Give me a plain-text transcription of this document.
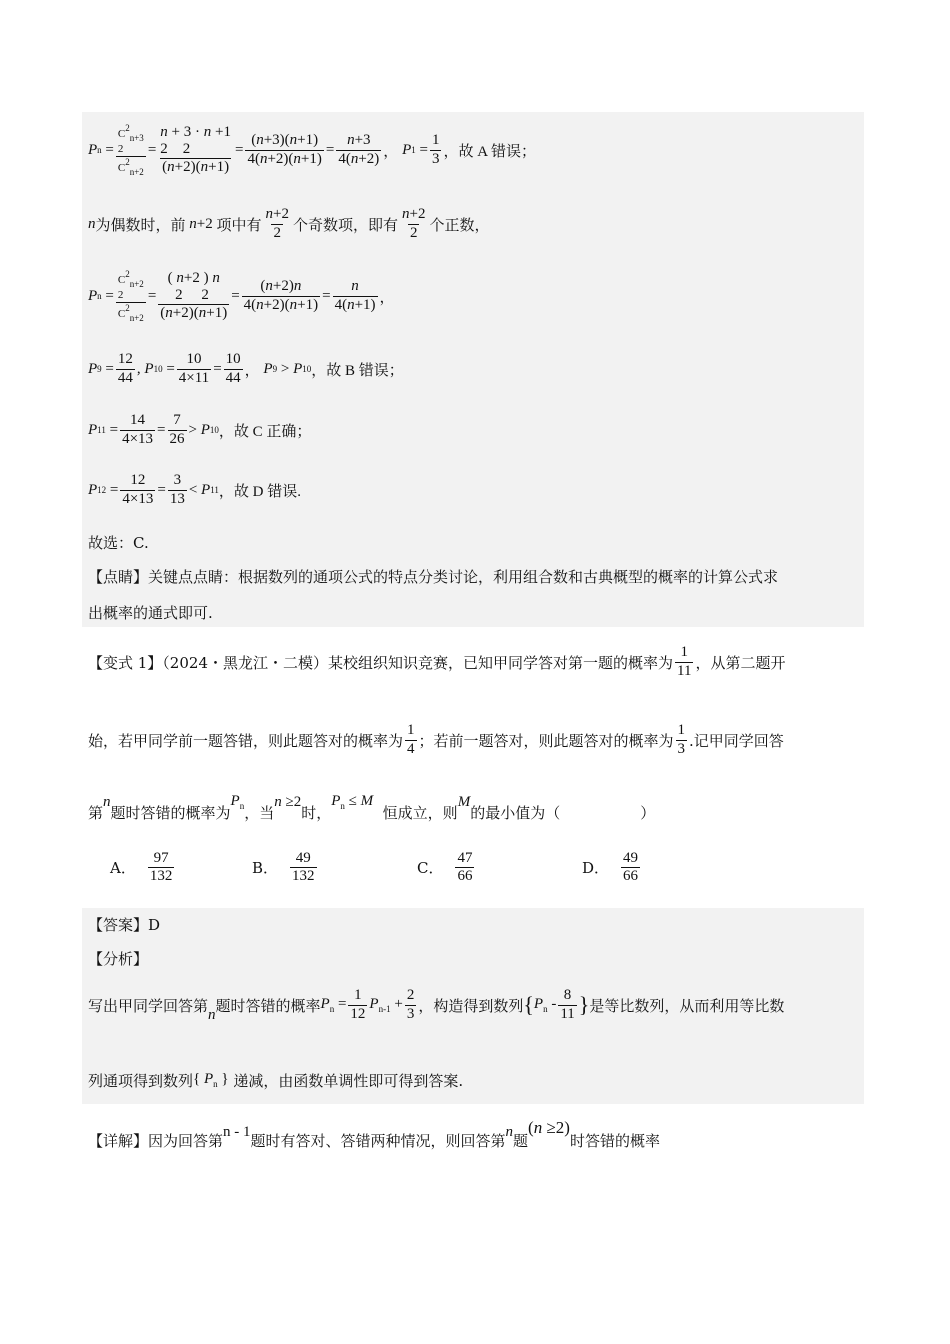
P n =
$C^2_{n+3}$
2
$C^2_{n+2}$
=
n + 3 · n +1
2    2
(n+2)(n+1)
= $\frac{(n+3)(n+1)}{4(n+2)(n+1)} = \frac{n+3}{4(n+2)}$ ，
P $1 = \frac{1}{3}$ ，故 A 错误；
n 为偶数时，前 n +2 项中有 $\frac{n+2}{2}$ 个奇数项，即有 $\frac{n+2}{2}$ 个正数，
P n =
$C^2_{n+2}$
2
$C^2_{n+2}$
=
( n+2 ) n
2     2
(n+2)(n+1)
= $\frac{(n+2)n}{4(n+2)(n+1)} = \frac{n}{4(n+1)}$ ，
P $9 = \frac{12}{44}$ , P $10 = \frac{10}{4\times 11} = \frac{10}{44}$ ， P 9 > P 10 ，故 B 错误；
P $11 = \frac{14}{4\times 13} = \frac{7}{26} > P$ 10 ，故 C 正确；
P $12 = \frac{12}{4\times 13} = \frac{3}{13} < P$ 11 ，故 D 错误.
故选：C.
【点睛】关键点点睛：根据数列的通项公式的特点分类讨论，利用组合数和古典概型的概率的计算公式求
出概率的通式即可.
【变式 1】（2024・黑龙江・二模）某校组织知识竞赛，已知甲同学答对第一题的概率为 $\frac{1}{11}$ ，从第二题开
始，若甲同学前一题答错，则此题答对的概率为 $\frac{1}{4}$ ；若前一题答对，则此题答对的概率为 $\frac{1}{3}$ .记甲同学回答
第
n
题时答错的概率为
$P_n$ ，当
n ≥2
时，
$P_n \le M$

恒成立，则
M
的最小值为（	）
A． $\frac{97}{132}$	B． $\frac{49}{132}$	C． $\frac{47}{66}$	D． $\frac{49}{66}$
【答案】D
【分析】
写出甲同学回答第 n 题时答错的概率 $P_n = \frac{1}{12} P_{n-1} + \frac{2}{3}$ ，构造得到数列 { $P_n - \frac{8}{11}$ } 是等比数列，从而利用等比数
列通项得到数列 { $P_n$ }
递减，由函数单调性即可得到答案.
【详解】因为回答第 n - 1 题时有答对、答错两种情况，则回答第 n 题
(n ≥2)
时答错的概率
